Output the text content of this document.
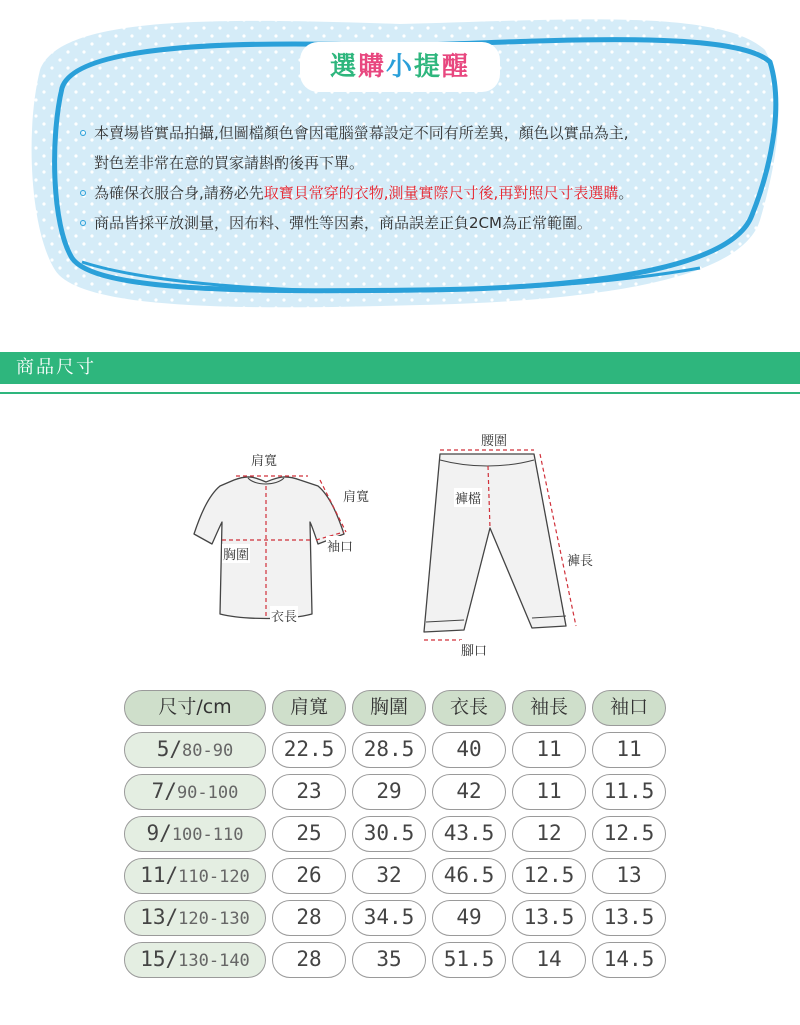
選購小提醒
本賣場皆實品拍攝,但圖檔顏色會因電腦螢幕設定不同有所差異，顏色以實品為主,
對色差非常在意的買家請斟酌後再下單。
為確保衣服合身,請務必先取寶貝常穿的衣物,測量實際尺寸後,再對照尺寸表選購。
商品皆採平放測量，因布料、彈性等因素，商品誤差正負2CM為正常範圍。
商品尺寸
肩寬
肩寬
袖口
胸圍
衣長
腰圍
褲檔
褲長
腳口
尺寸/cm	肩寬	胸圍	衣長	袖長	袖口
5/80-90	22.5	28.5	40	11	11
7/90-100	23	29	42	11	11.5
9/100-110	25	30.5	43.5	12	12.5
11/110-120	26	32	46.5	12.5	13
13/120-130	28	34.5	49	13.5	13.5
15/130-140	28	35	51.5	14	14.5
